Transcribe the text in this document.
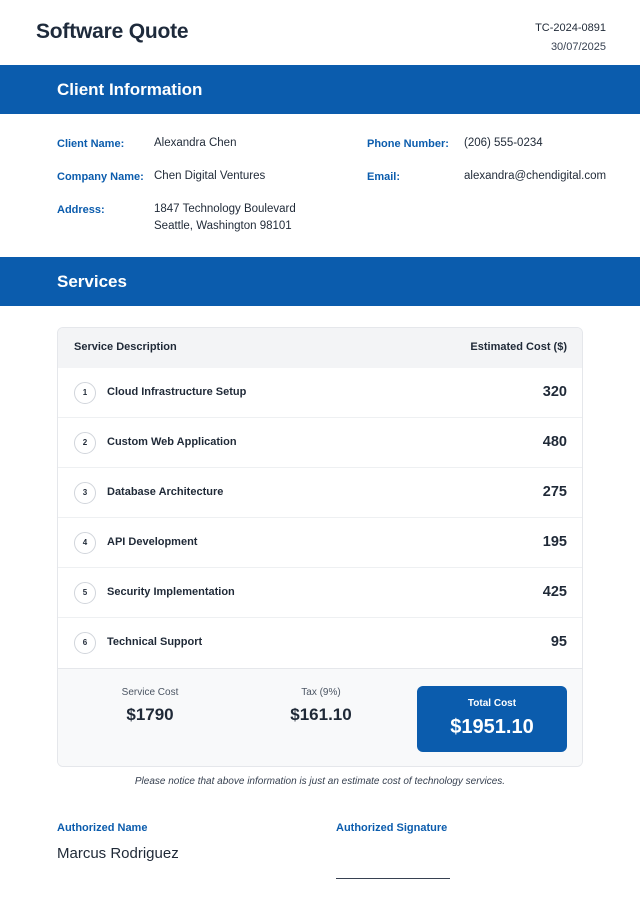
Software Quote	TC-2024-0891
30/07/2025
Client Information
Client Name:	Alexandra Chen
Company Name: Chen Digital Ventures
Address:	1847 Technology Boulevard
Seattle, Washington 98101
Phone Number: (206) 555-0234
Email:	alexandra@chendigital.com
Services
Service Description	Estimated Cost ($)
1	Cloud Infrastructure Setup	320
2	Custom Web Application	480
3	Database Architecture	275
4	API Development	195
5	Security Implementation	425
6	Technical Support	95
Service Cost
$1790
Tax (9%)
$161.10
Total Cost
$1951.10
Please notice that above information is just an estimate cost of technology services.
Authorized Name
Marcus Rodriguez
Authorized Signature
